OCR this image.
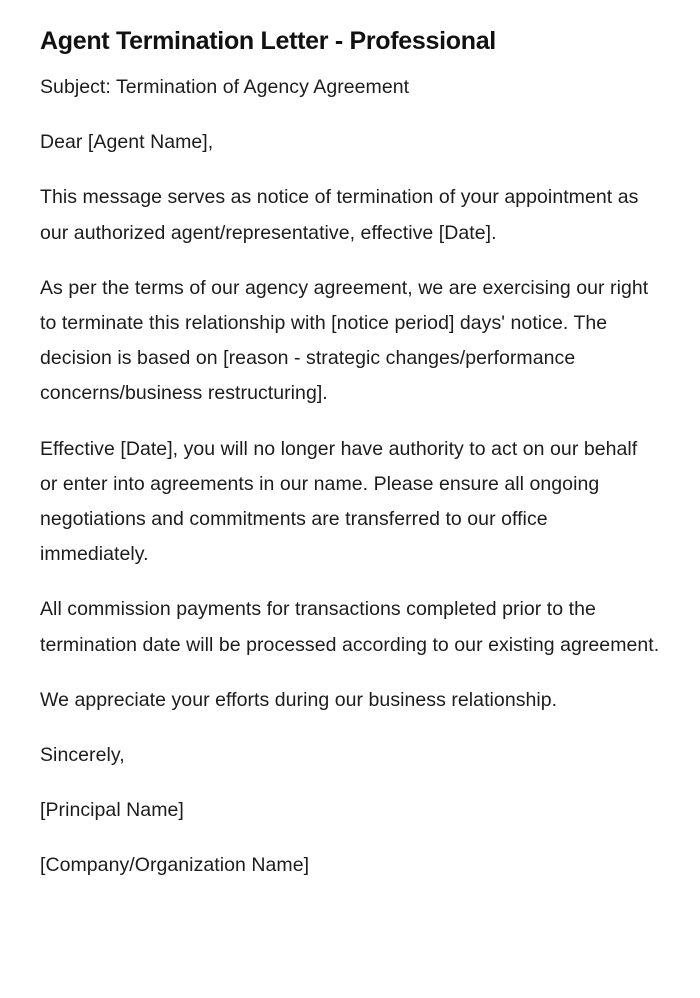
Agent Termination Letter - Professional

Subject: Termination of Agency Agreement

Dear [Agent Name],

This message serves as notice of termination of your appointment as our authorized agent/representative, effective [Date].

As per the terms of our agency agreement, we are exercising our right to terminate this relationship with [notice period] days' notice. The decision is based on [reason - strategic changes/performance concerns/business restructuring].

Effective [Date], you will no longer have authority to act on our behalf or enter into agreements in our name. Please ensure all ongoing negotiations and commitments are transferred to our office immediately.

All commission payments for transactions completed prior to the termination date will be processed according to our existing agreement.

We appreciate your efforts during our business relationship.

Sincerely,

[Principal Name]

[Company/Organization Name]
